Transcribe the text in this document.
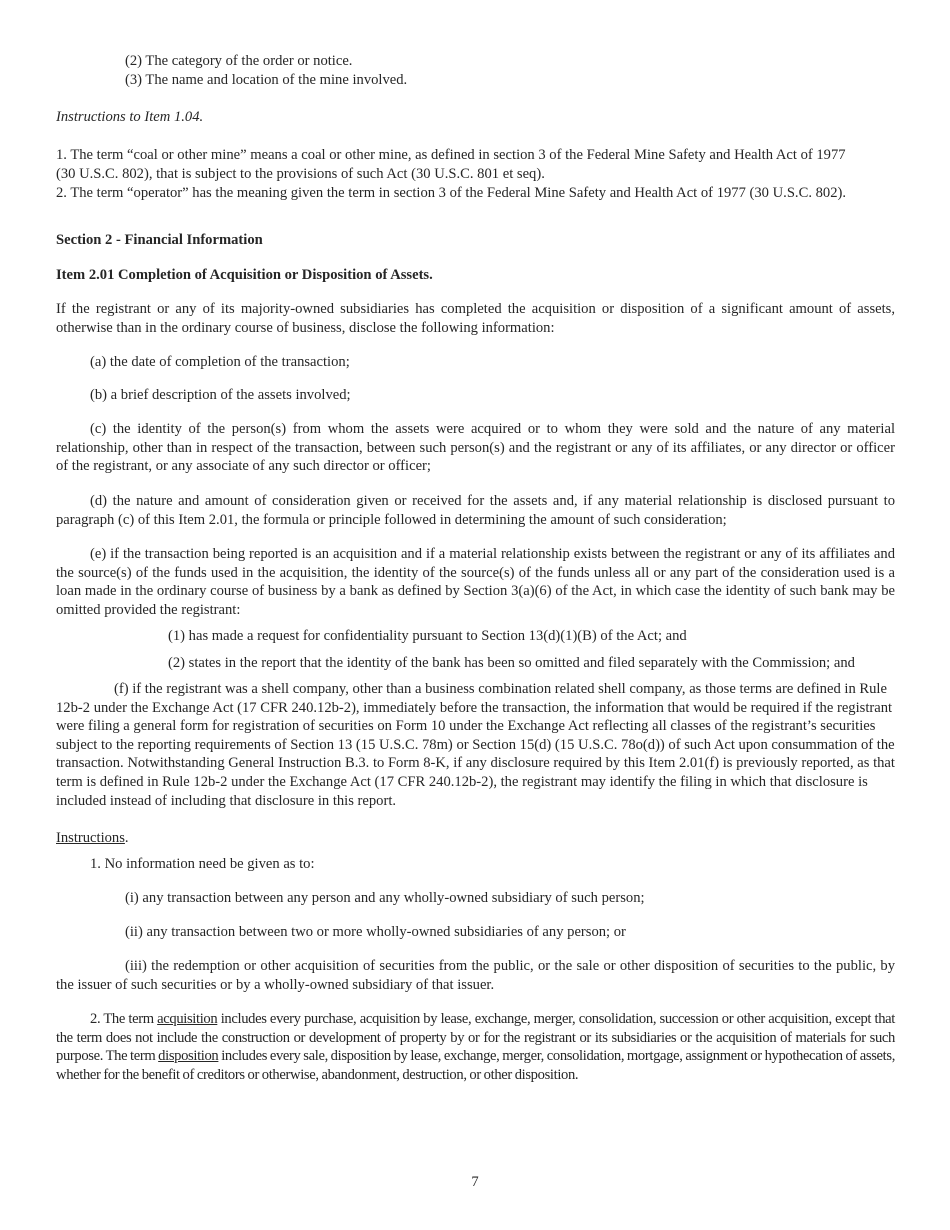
(2) The category of the order or notice.

(3) The name and location of the mine involved.

Instructions to Item 1.04.

1. The term “coal or other mine” means a coal or other mine, as defined in section 3 of the Federal Mine Safety and Health Act of 1977 (30 U.S.C. 802), that is subject to the provisions of such Act (30 U.S.C. 801 et seq).

2. The term “operator” has the meaning given the term in section 3 of the Federal Mine Safety and Health Act of 1977 (30 U.S.C. 802).

Section 2 - Financial Information

Item 2.01 Completion of Acquisition or Disposition of Assets.

If the registrant or any of its majority-owned subsidiaries has completed the acquisition or disposition of a significant amount of assets, otherwise than in the ordinary course of business, disclose the following information:

(a) the date of completion of the transaction;

(b) a brief description of the assets involved;

(c) the identity of the person(s) from whom the assets were acquired or to whom they were sold and the nature of any material relationship, other than in respect of the transaction, between such person(s) and the registrant or any of its affiliates, or any director or officer of the registrant, or any associate of any such director or officer;

(d) the nature and amount of consideration given or received for the assets and, if any material relationship is disclosed pursuant to paragraph (c) of this Item 2.01, the formula or principle followed in determining the amount of such consideration;

(e) if the transaction being reported is an acquisition and if a material relationship exists between the registrant or any of its affiliates and the source(s) of the funds used in the acquisition, the identity of the source(s) of the funds unless all or any part of the consideration used is a loan made in the ordinary course of business by a bank as defined by Section 3(a)(6) of the Act, in which case the identity of such bank may be omitted provided the registrant:

(1) has made a request for confidentiality pursuant to Section 13(d)(1)(B) of the Act; and

(2) states in the report that the identity of the bank has been so omitted and filed separately with the Commission; and

(f) if the registrant was a shell company, other than a business combination related shell company, as those terms are defined in Rule 12b-2 under the Exchange Act (17 CFR 240.12b-2), immediately before the transaction, the information that would be required if the registrant were filing a general form for registration of securities on Form 10 under the Exchange Act reflecting all classes of the registrant’s securities subject to the reporting requirements of Section 13 (15 U.S.C. 78m) or Section 15(d) (15 U.S.C. 78o(d)) of such Act upon consummation of the transaction. Notwithstanding General Instruction B.3. to Form 8-K, if any disclosure required by this Item 2.01(f) is previously reported, as that term is defined in Rule 12b-2 under the Exchange Act (17 CFR 240.12b-2), the registrant may identify the filing in which that disclosure is included instead of including that disclosure in this report.

Instructions.

1. No information need be given as to:

(i) any transaction between any person and any wholly-owned subsidiary of such person;

(ii) any transaction between two or more wholly-owned subsidiaries of any person; or

(iii) the redemption or other acquisition of securities from the public, or the sale or other disposition of securities to the public, by the issuer of such securities or by a wholly-owned subsidiary of that issuer.

2. The term acquisition includes every purchase, acquisition by lease, exchange, merger, consolidation, succession or other acquisition, except that the term does not include the construction or development of property by or for the registrant or its subsidiaries or the acquisition of materials for such purpose. The term disposition includes every sale, disposition by lease, exchange, merger, consolidation, mortgage, assignment or hypothecation of assets, whether for the benefit of creditors or otherwise, abandonment, destruction, or other disposition.

7
